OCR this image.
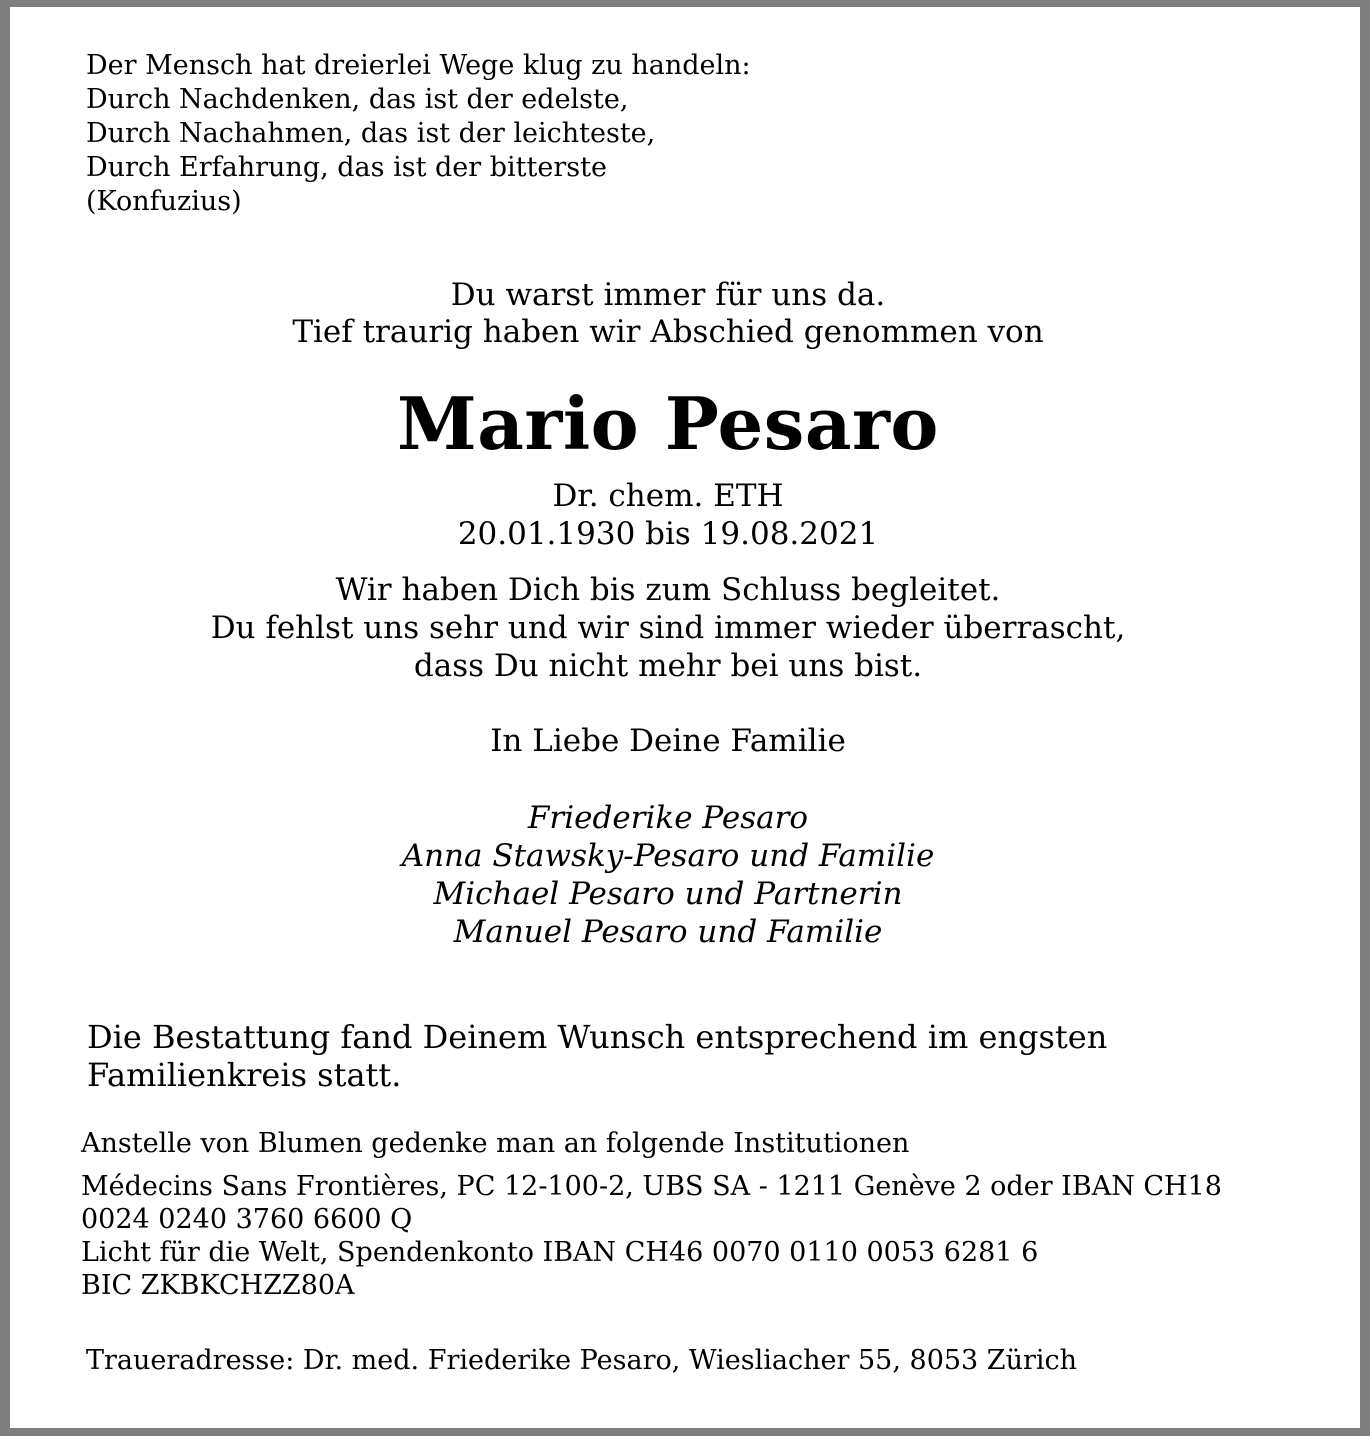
Der Mensch hat dreierlei Wege klug zu handeln:
Durch Nachdenken, das ist der edelste,
Durch Nachahmen, das ist der leichteste,
Durch Erfahrung, das ist der bitterste
(Konfuzius)
Du warst immer für uns da.
Tief traurig haben wir Abschied genommen von
Mario Pesaro
Dr. chem. ETH
20.01.1930 bis 19.08.2021
Wir haben Dich bis zum Schluss begleitet.
Du fehlst uns sehr und wir sind immer wieder überrascht,
dass Du nicht mehr bei uns bist.
In Liebe Deine Familie
Friederike Pesaro
Anna Stawsky-Pesaro und Familie
Michael Pesaro und Partnerin
Manuel Pesaro und Familie
Die Bestattung fand Deinem Wunsch entsprechend im engsten
Familienkreis statt.
Anstelle von Blumen gedenke man an folgende Institutionen
Médecins Sans Frontières, PC 12-100-2, UBS SA - 1211 Genève 2 oder IBAN CH18
0024 0240 3760 6600 Q
Licht für die Welt, Spendenkonto IBAN CH46 0070 0110 0053 6281 6
BIC ZKBKCHZZ80A
Traueradresse: Dr. med. Friederike Pesaro, Wiesliacher 55, 8053 Zürich
